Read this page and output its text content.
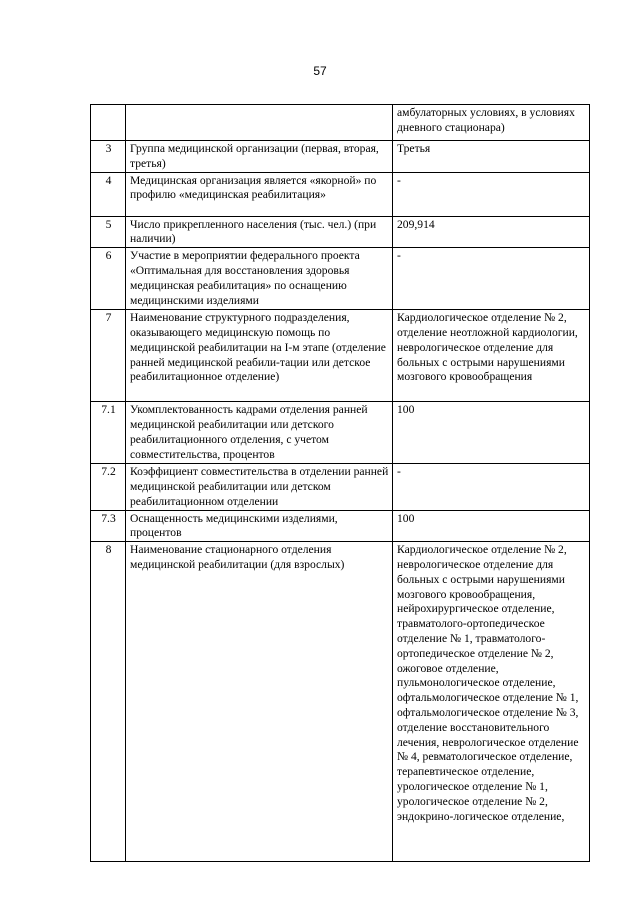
57
		амбулаторных условиях, в условиях дневного стационара)
3	Группа медицинской организации (первая, вторая, третья)	Третья
4	Медицинская организация является «якорной» по профилю «медицинская реабилитация»	-
5	Число прикрепленного населения (тыс. чел.) (при наличии)	209,914
6	Участие в мероприятии федерального проекта «Оптимальная для восстановления здоровья медицинская реабилитация» по оснащению медицинскими изделиями	-
7	Наименование структурного подразделения, оказывающего медицинскую помощь по медицинской реабилитации на I-м этапе (отделение ранней медицинской реабили-тации или детское реабилитационное отделение)	Кардиологическое отделение № 2, отделение неотложной кардиологии, неврологическое отделение для больных с острыми нарушениями мозгового кровообращения
7.1	Укомплектованность кадрами отделения ранней медицинской реабилитации или детского реабилитационного отделения, с учетом совместительства, процентов	100
7.2	Коэффициент совместительства в отделении ранней медицинской реабилитации или детском реабилитационном отделении	-
7.3	Оснащенность медицинскими изделиями, процентов	100
8	Наименование стационарного отделения медицинской реабилитации (для взрослых)	Кардиологическое отделение № 2, неврологическое отделение для больных с острыми нарушениями мозгового кровообращения, нейрохирургическое отделение, травматолого-ортопедическое отделение № 1, травматолого-ортопедическое отделение № 2, ожоговое отделение, пульмонологическое отделение, офтальмологическое отделение № 1, офтальмологическое отделение № 3, отделение восстановительного лечения, неврологическое отделение № 4, ревматологическое отделение, терапевтическое отделение, урологическое отделение № 1, урологическое отделение № 2, эндокрино-логическое отделение,
